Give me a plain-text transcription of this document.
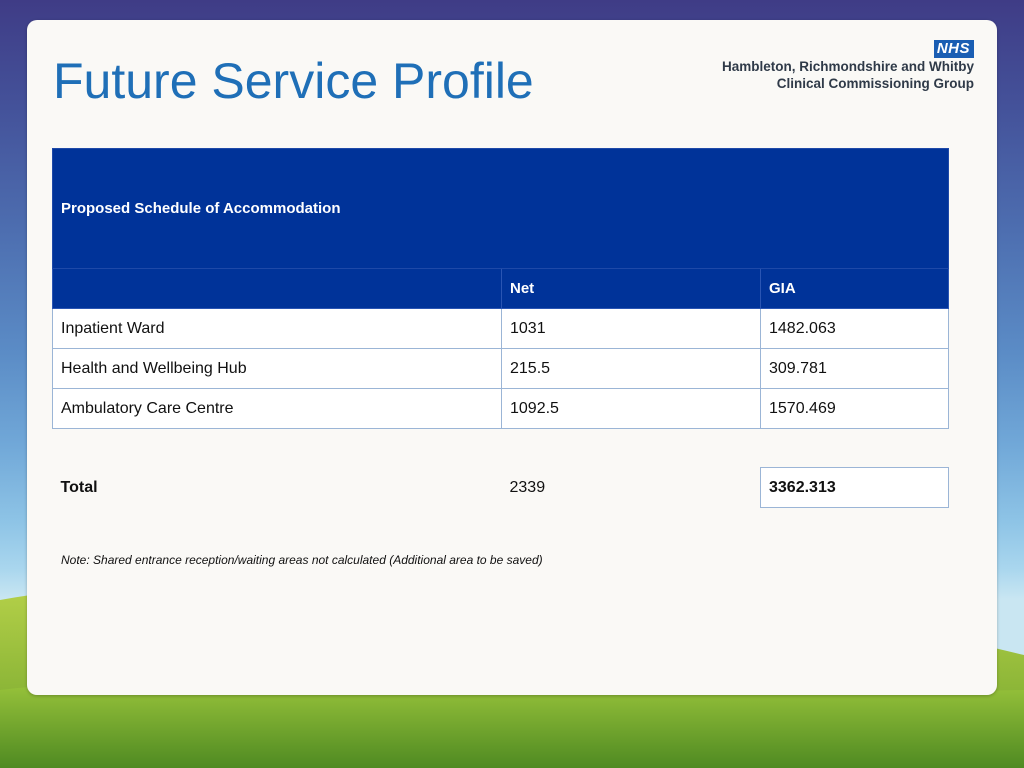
Future Service Profile
NHS
Hambleton, Richmondshire and Whitby
Clinical Commissioning Group
Proposed Schedule of Accommodation		
	Net	GIA
Inpatient Ward	1031	1482.063
Health and Wellbeing Hub	215.5	309.781
Ambulatory Care Centre	1092.5	1570.469

Total	2339	3362.313
Note: Shared entrance reception/waiting areas not calculated (Additional area to be saved)
